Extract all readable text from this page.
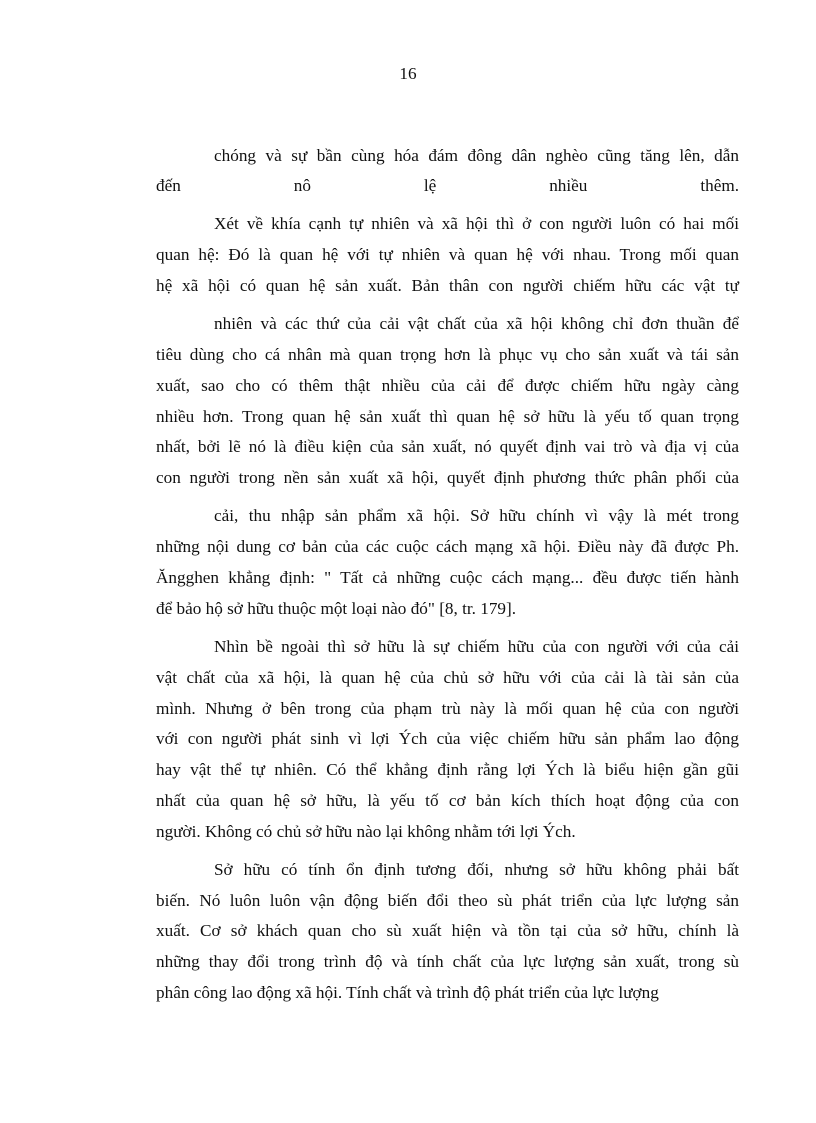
16
chóng và sự bần cùng hóa đám đông dân nghèo cũng tăng lên, dẫn
đến nô lệ nhiều thêm.
Xét về khía cạnh tự nhiên và xã hội thì ở con người luôn có hai mối
quan hệ: Đó là quan hệ với tự nhiên và quan hệ với nhau. Trong mối quan
hệ xã hội có quan hệ sản xuất. Bản thân con người chiếm hữu các vật tự
nhiên và các thứ của cải vật chất của xã hội không chỉ đơn thuần để
tiêu dùng cho cá nhân mà quan trọng hơn là phục vụ cho sản xuất và tái sản
xuất, sao cho có thêm thật nhiều của cải để được chiếm hữu ngày càng
nhiều hơn. Trong quan hệ sản xuất thì quan hệ sở hữu là yếu tố quan trọng
nhất, bởi lẽ nó là điều kiện của sản xuất, nó quyết định vai trò và địa vị của
con người trong nền sản xuất xã hội, quyết định phương thức phân phối của
cải, thu nhập sản phẩm xã hội. Sở hữu chính vì vậy là mét trong
những nội dung cơ bản của các cuộc cách mạng xã hội. Điều này đã được Ph.
Ăngghen khẳng định: " Tất cả những cuộc cách mạng... đều được tiến hành
để bảo hộ sở hữu thuộc một loại nào đó" [8, tr. 179].
Nhìn bề ngoài thì sở hữu là sự chiếm hữu của con người với của cải
vật chất của xã hội, là quan hệ của chủ sở hữu với của cải là tài sản của
mình. Nhưng ở bên trong của phạm trù này là mối quan hệ của con người
với con người phát sinh vì lợi Ých của việc chiếm hữu sản phẩm lao động
hay vật thể tự nhiên. Có thể khẳng định rằng lợi Ých là biểu hiện gần gũi
nhất của quan hệ sở hữu, là yếu tố cơ bản kích thích hoạt động của con
người. Không có chủ sở hữu nào lại không nhằm tới lợi Ých.
Sở hữu có tính ổn định tương đối, nhưng sở hữu không phải bất
biến. Nó luôn luôn vận động biến đổi theo sù phát triển của lực lượng sản
xuất. Cơ sở khách quan cho sù xuất hiện và tồn tại của sở hữu, chính là
những thay đổi trong trình độ và tính chất của lực lượng sản xuất, trong sù
phân công lao động xã hội. Tính chất và trình độ phát triển của lực lượng
